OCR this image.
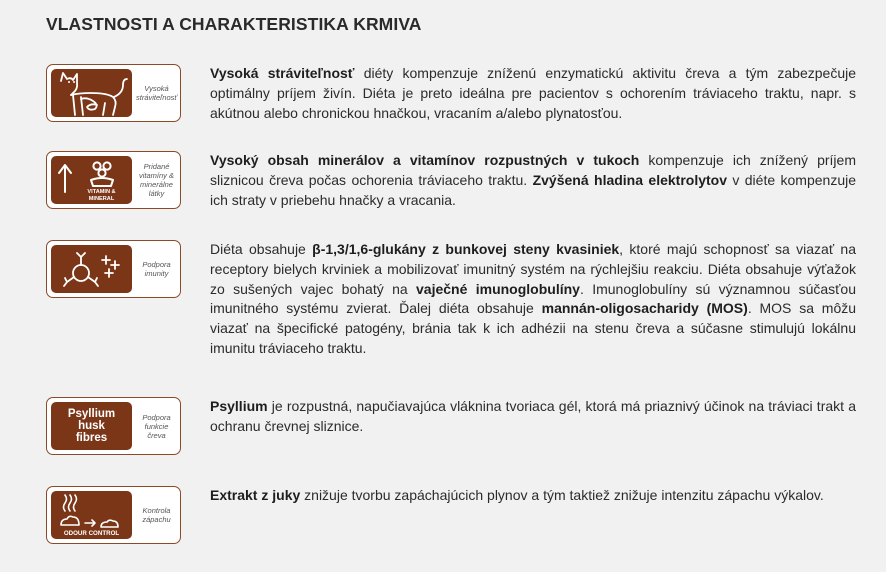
VLASTNOSTI A CHARAKTERISTIKA KRMIVA
Vysoká
stráviteľnosť
Vysoká stráviteľnosť diéty kompenzuje zníženú enzymatickú aktivitu čreva a tým zabezpečuje optimálny príjem živín. Diéta je preto ideálna pre pacientov s ochorením tráviaceho traktu, napr. s akútnou alebo chronickou hnačkou, vracaním a/alebo plynatosťou.
VITAMIN &
MINERAL
Pridané
vitamíny &
minerálne
látky
Vysoký obsah minerálov a vitamínov rozpustných v tukoch kompenzuje ich znížený príjem sliznicou čreva počas ochorenia tráviaceho traktu. Zvýšená hladina elektrolytov v diéte kompenzuje ich straty v priebehu hnačky a vracania.
Podpora
imunity
Diéta obsahuje β-1,3/1,6-glukány z bunkovej steny kvasiniek, ktoré majú schopnosť sa viazať na receptory bielych krviniek a mobilizovať imunitný systém na rýchlejšiu reakciu. Diéta obsahuje výťažok zo sušených vajec bohatý na vaječné imunoglobulíny. Imunoglobulíny sú významnou súčasťou imunitného systému zvierat. Ďalej diéta obsahuje mannán-oligosacharidy (MOS). MOS sa môžu viazať na špecifické patogény, bránia tak k ich adhézii na stenu čreva a súčasne stimulujú lokálnu imunitu tráviaceho traktu.
Psyllium
husk
fibres
Podpora
funkcie
čreva
Psyllium je rozpustná, napučiavajúca vláknina tvoriaca gél, ktorá má priaznivý účinok na tráviaci trakt a ochranu črevnej sliznice.
ODOUR CONTROL
Kontrola
zápachu
Extrakt z juky znižuje tvorbu zapáchajúcich plynov a tým taktiež znižuje intenzitu zápachu výkalov.
